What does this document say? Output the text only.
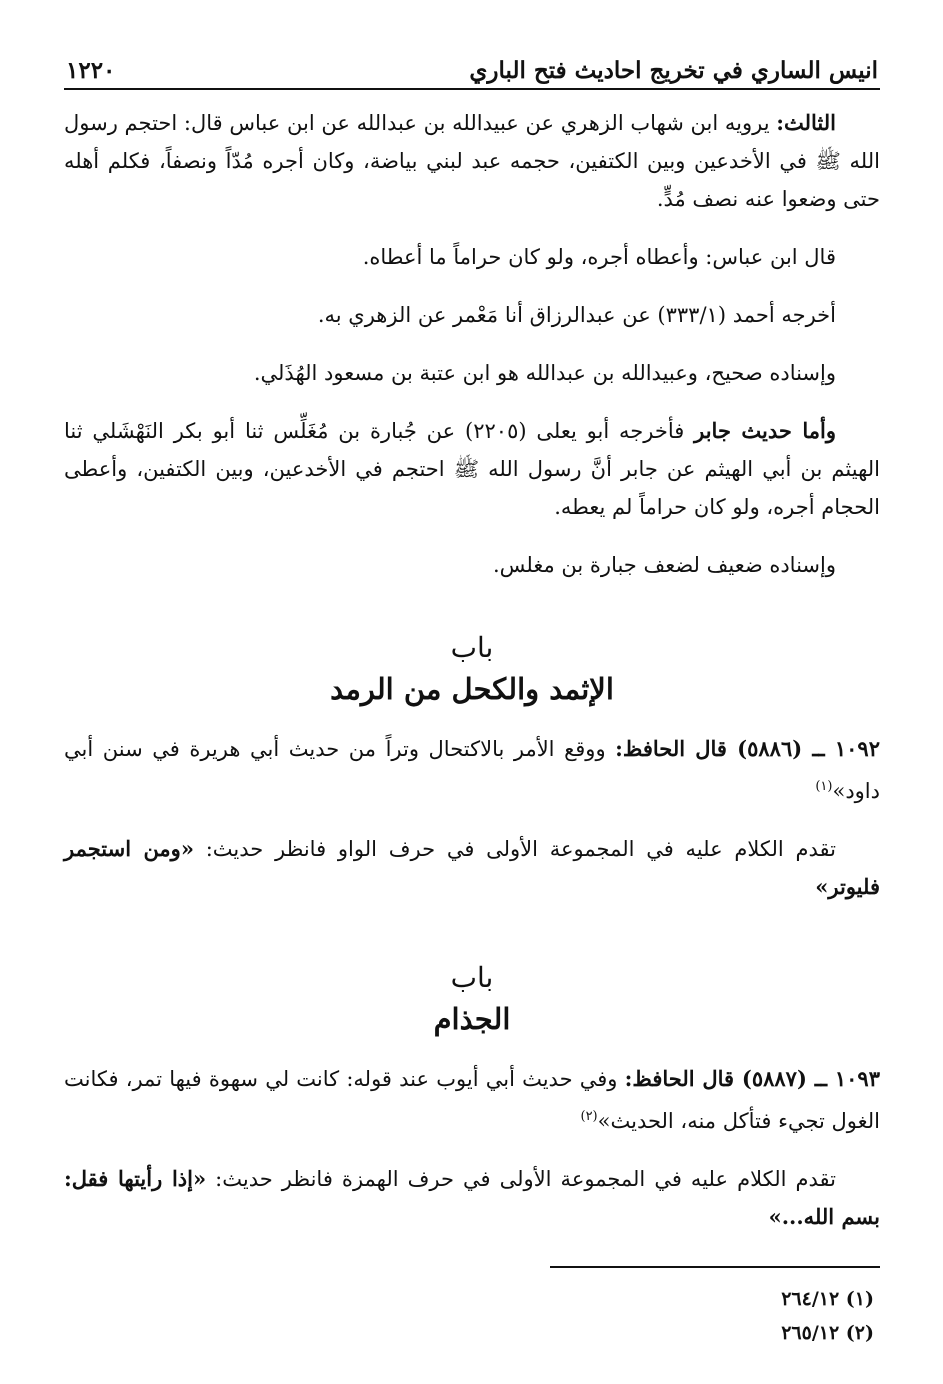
انيس الساري في تخريج احاديث فتح الباري
١٢٢٠

الثالث: يرويه ابن شهاب الزهري عن عبيدالله بن عبدالله عن ابن عباس قال: احتجم رسول الله ﷺ في الأخدعين وبين الكتفين، حجمه عبد لبني بياضة، وكان أجره مُدّاً ونصفاً، فكلم أهله حتى وضعوا عنه نصف مُدٍّ.

قال ابن عباس: وأعطاه أجره، ولو كان حراماً ما أعطاه.

أخرجه أحمد (٣٣٣/١) عن عبدالرزاق أنا مَعْمر عن الزهري به.

وإسناده صحيح، وعبيدالله بن عبدالله هو ابن عتبة بن مسعود الهُذَلي.

وأما حديث جابر فأخرجه أبو يعلى (٢٢٠٥) عن جُبارة بن مُغَلِّس ثنا أبو بكر النَهْشَلي ثنا الهيثم بن أبي الهيثم عن جابر أنَّ رسول الله ﷺ احتجم في الأخدعين، وبين الكتفين، وأعطى الحجام أجره، ولو كان حراماً لم يعطه.

وإسناده ضعيف لضعف جبارة بن مغلس.

باب

الإثمد والكحل من الرمد

١٠٩٢ ــ (٥٨٨٦) قال الحافظ: ووقع الأمر بالاكتحال وتراً من حديث أبي هريرة في سنن أبي داود»$^{(١)}$

تقدم الكلام عليه في المجموعة الأولى في حرف الواو فانظر حديث: «ومن استجمر فليوتر»

باب

الجذام

١٠٩٣ ــ (٥٨٨٧) قال الحافظ: وفي حديث أبي أيوب عند قوله: كانت لي سهوة فيها تمر، فكانت الغول تجيء فتأكل منه، الحديث»$^{(٢)}$

تقدم الكلام عليه في المجموعة الأولى في حرف الهمزة فانظر حديث: «إذا رأيتها فقل: بسم الله...»

(١) ٢٦٤/١٢

(٢) ٢٦٥/١٢
